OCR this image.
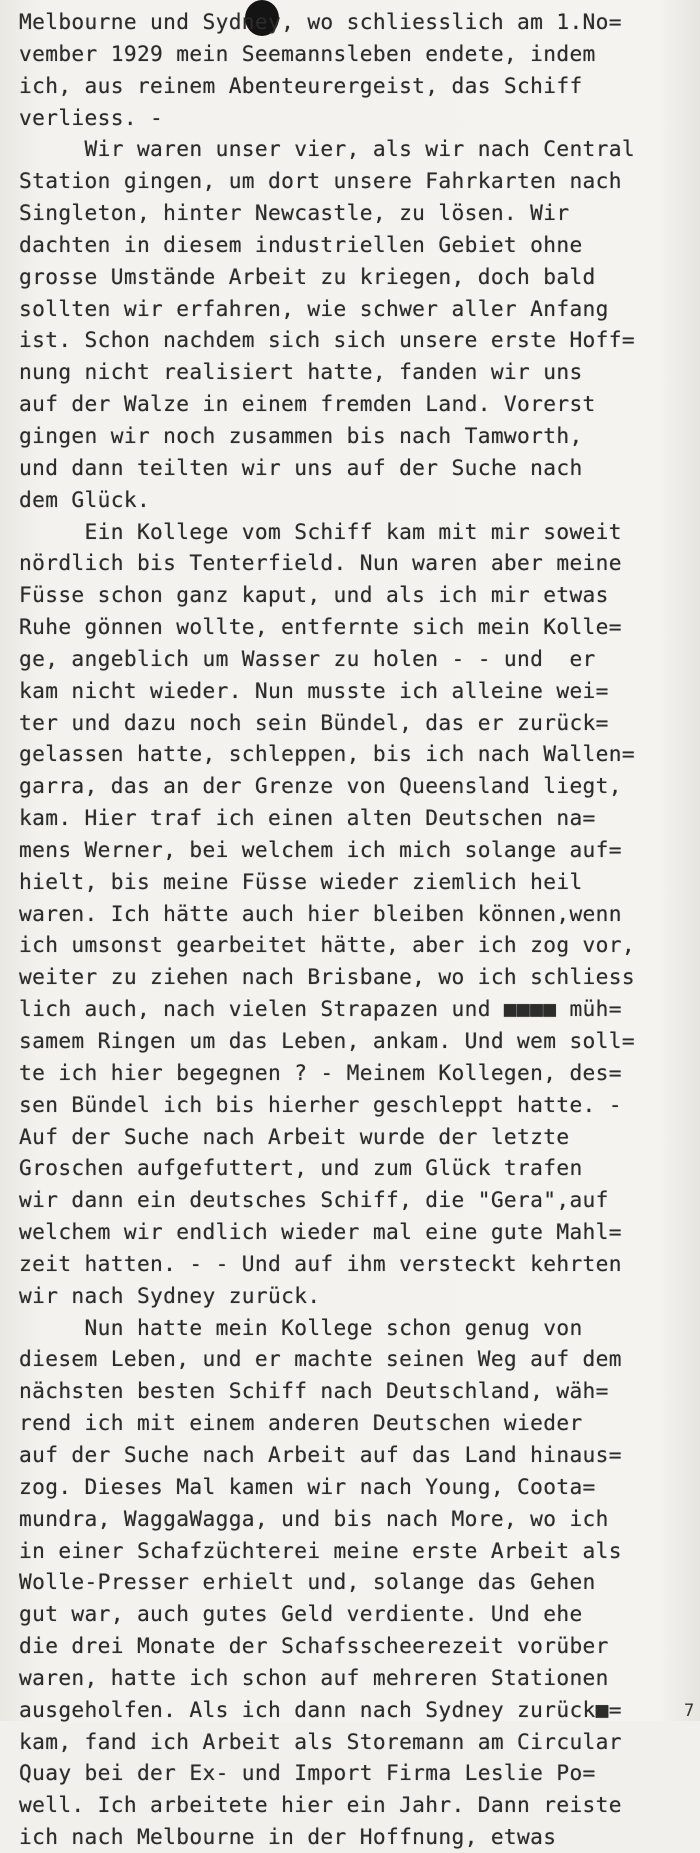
Melbourne und Sydney, wo schliesslich am 1.No=
vember 1929 mein Seemannsleben endete, indem
ich, aus reinem Abenteurergeist, das Schiff
verliess. -
Wir waren unser vier, als wir nach Central
Station gingen, um dort unsere Fahrkarten nach
Singleton, hinter Newcastle, zu lösen. Wir
dachten in diesem industriellen Gebiet ohne
grosse Umstände Arbeit zu kriegen, doch bald
sollten wir erfahren, wie schwer aller Anfang
ist. Schon nachdem sich sich unsere erste Hoff=
nung nicht realisiert hatte, fanden wir uns
auf der Walze in einem fremden Land. Vorerst
gingen wir noch zusammen bis nach Tamworth,
und dann teilten wir uns auf der Suche nach
dem Glück.
Ein Kollege vom Schiff kam mit mir soweit
nördlich bis Tenterfield. Nun waren aber meine
Füsse schon ganz kaput, und als ich mir etwas
Ruhe gönnen wollte, entfernte sich mein Kolle=
ge, angeblich um Wasser zu holen - - und  er
kam nicht wieder. Nun musste ich alleine wei=
ter und dazu noch sein Bündel, das er zurück=
gelassen hatte, schleppen, bis ich nach Wallen=
garra, das an der Grenze von Queensland liegt,
kam. Hier traf ich einen alten Deutschen na=
mens Werner, bei welchem ich mich solange auf=
hielt, bis meine Füsse wieder ziemlich heil
waren. Ich hätte auch hier bleiben können,wenn
ich umsonst gearbeitet hätte, aber ich zog vor,
weiter zu ziehen nach Brisbane, wo ich schliess
lich auch, nach vielen Strapazen und ■■■■ müh=
samem Ringen um das Leben, ankam. Und wem soll=
te ich hier begegnen ? - Meinem Kollegen, des=
sen Bündel ich bis hierher geschleppt hatte. -
Auf der Suche nach Arbeit wurde der letzte
Groschen aufgefuttert, und zum Glück trafen
wir dann ein deutsches Schiff, die "Gera",auf
welchem wir endlich wieder mal eine gute Mahl=
zeit hatten. - - Und auf ihm versteckt kehrten
wir nach Sydney zurück.
Nun hatte mein Kollege schon genug von
diesem Leben, und er machte seinen Weg auf dem
nächsten besten Schiff nach Deutschland, wäh=
rend ich mit einem anderen Deutschen wieder
auf der Suche nach Arbeit auf das Land hinaus=
zog. Dieses Mal kamen wir nach Young, Coota=
mundra, WaggaWagga, und bis nach More, wo ich
in einer Schafzüchterei meine erste Arbeit als
Wolle-Presser erhielt und, solange das Gehen
gut war, auch gutes Geld verdiente. Und ehe
die drei Monate der Schafsscheerezeit vorüber
waren, hatte ich schon auf mehreren Stationen
ausgeholfen. Als ich dann nach Sydney zurück■=
kam, fand ich Arbeit als Storemann am Circular
Quay bei der Ex- und Import Firma Leslie Po=
well. Ich arbeitete hier ein Jahr. Dann reiste
ich nach Melbourne in der Hoffnung, etwas
7
